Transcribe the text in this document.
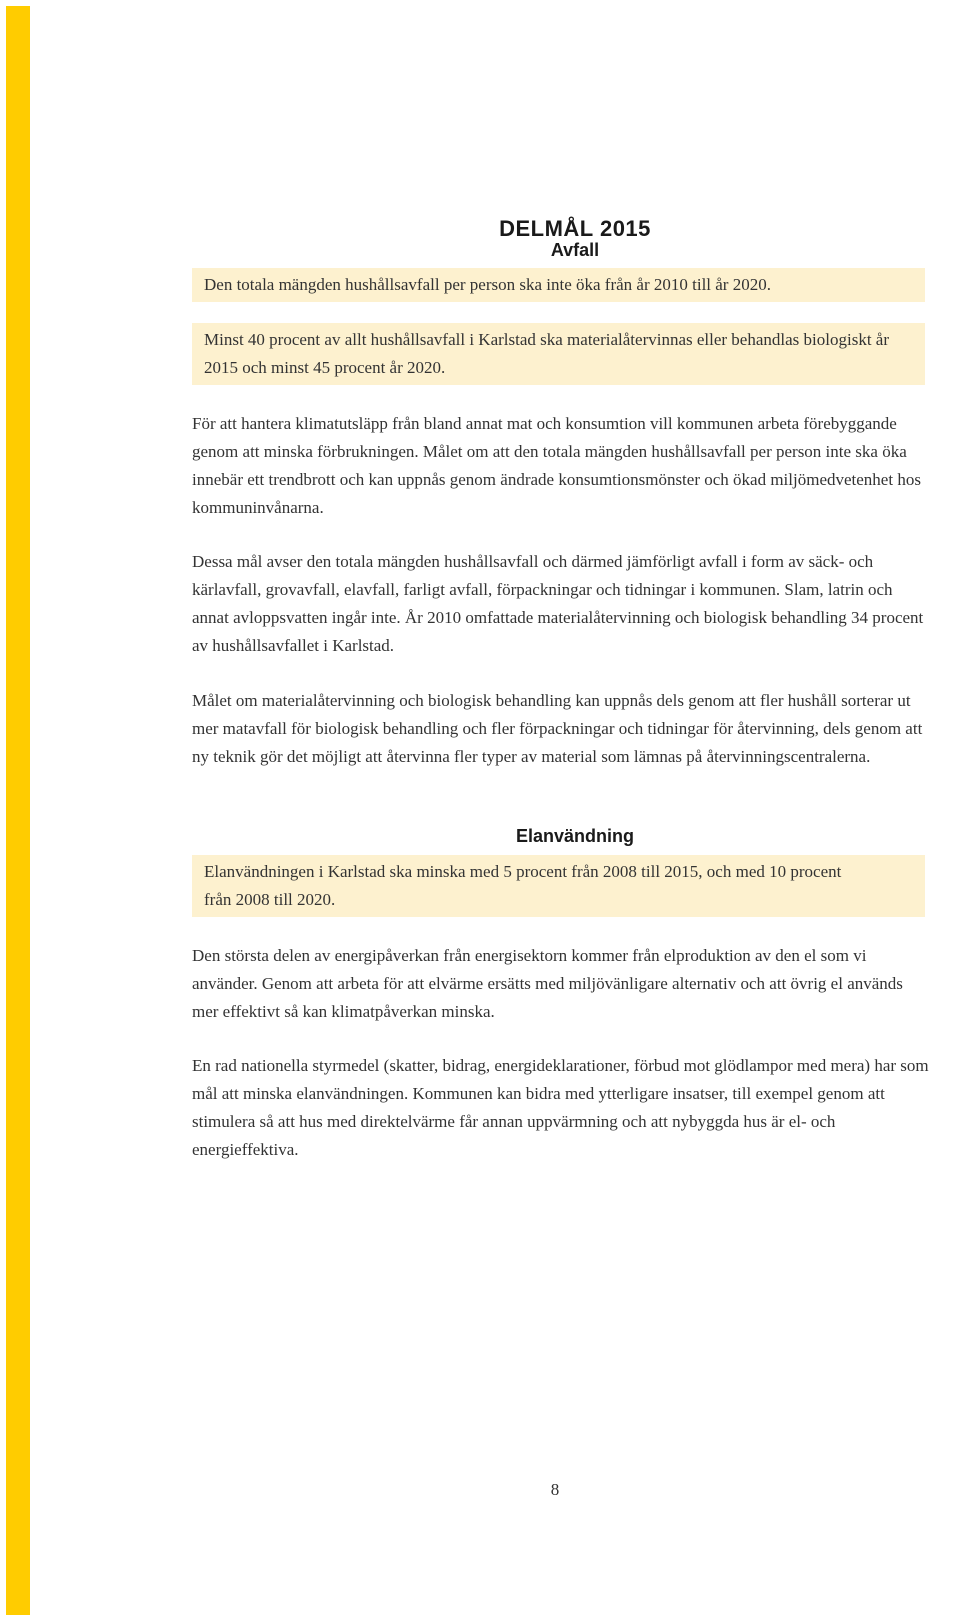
DELMÅL 2015
Avfall
Den totala mängden hushållsavfall per person ska inte öka från år 2010 till år 2020.
Minst 40 procent av allt hushållsavfall i Karlstad ska materialåtervinnas eller behandlas biologiskt år 2015 och minst 45 procent år 2020.

För att hantera klimatutsläpp från bland annat mat och konsumtion vill kommunen arbeta förebyggande genom att minska förbrukningen. Målet om att den totala mängden hushållsavfall per person inte ska öka innebär ett trendbrott och kan uppnås genom ändrade konsumtionsmönster och ökad miljömedvetenhet hos kommuninvånarna.

Dessa mål avser den totala mängden hushållsavfall och därmed jämförligt avfall i form av säck- och kärlavfall, grovavfall, elavfall, farligt avfall, förpackningar och tidningar i kommunen. Slam, latrin och annat avloppsvatten ingår inte. År 2010 omfattade materialåtervinning och biologisk behandling 34 procent av hushållsavfallet i Karlstad.

Målet om materialåtervinning och biologisk behandling kan uppnås dels genom att fler hushåll sorterar ut mer matavfall för biologisk behandling och fler förpackningar och tidningar för återvinning, dels genom att ny teknik gör det möjligt att återvinna fler typer av material som lämnas på återvinningscentralerna.

Elanvändning
Elanvändningen i Karlstad ska minska med 5 procent från 2008 till 2015, och med 10 procent från 2008 till 2020.

Den största delen av energipåverkan från energisektorn kommer från elproduktion av den el som vi använder. Genom att arbeta för att elvärme ersätts med miljövänligare alternativ och att övrig el används mer effektivt så kan klimatpåverkan minska.

En rad nationella styrmedel (skatter, bidrag, energideklarationer, förbud mot glödlampor med mera) har som mål att minska elanvändningen. Kommunen kan bidra med ytterligare insatser, till exempel genom att stimulera så att hus med direktelvärme får annan uppvärmning och att nybyggda hus är el- och energieffektiva.

8
